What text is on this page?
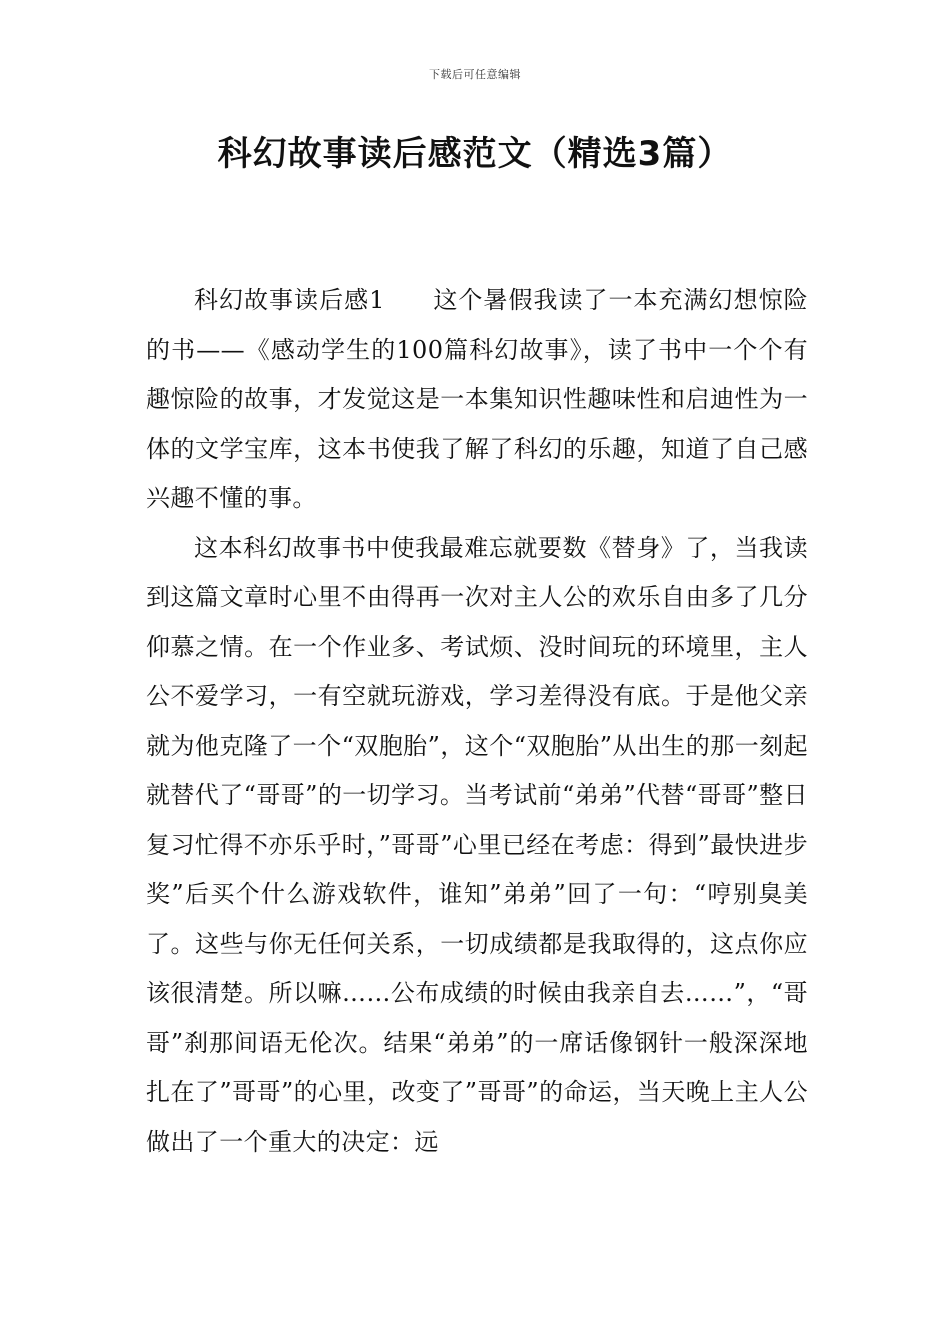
下载后可任意编辑
科幻故事读后感范文（精选3篇）

科幻故事读后感1 这个暑假我读了一本充满幻想惊险的书——《感动学生的100篇科幻故事》，读了书中一个个有趣惊险的故事，才发觉这是一本集知识性趣味性和启迪性为一体的文学宝库，这本书使我了解了科幻的乐趣，知道了自己感兴趣不懂的事。

这本科幻故事书中使我最难忘就要数《替身》了，当我读到这篇文章时心里不由得再一次对主人公的欢乐自由多了几分仰慕之情。在一个作业多、考试烦、没时间玩的环境里，主人公不爱学习，一有空就玩游戏，学习差得没有底。于是他父亲就为他克隆了一个“双胞胎”，这个“双胞胎”从出生的那一刻起就替代了“哥哥”的一切学习。当考试前“弟弟”代替“哥哥”整日复习忙得不亦乐乎时，”哥哥”心里已经在考虑：得到”最快进步奖”后买个什么游戏软件，谁知”弟弟”回了一句：“哼别臭美了。这些与你无任何关系，一切成绩都是我取得的，这点你应该很清楚。所以嘛……公布成绩的时候由我亲自去……”，“哥哥”刹那间语无伦次。结果“弟弟”的一席话像钢针一般深深地扎在了”哥哥”的心里，改变了”哥哥”的命运，当天晚上主人公做出了一个重大的决定：远
